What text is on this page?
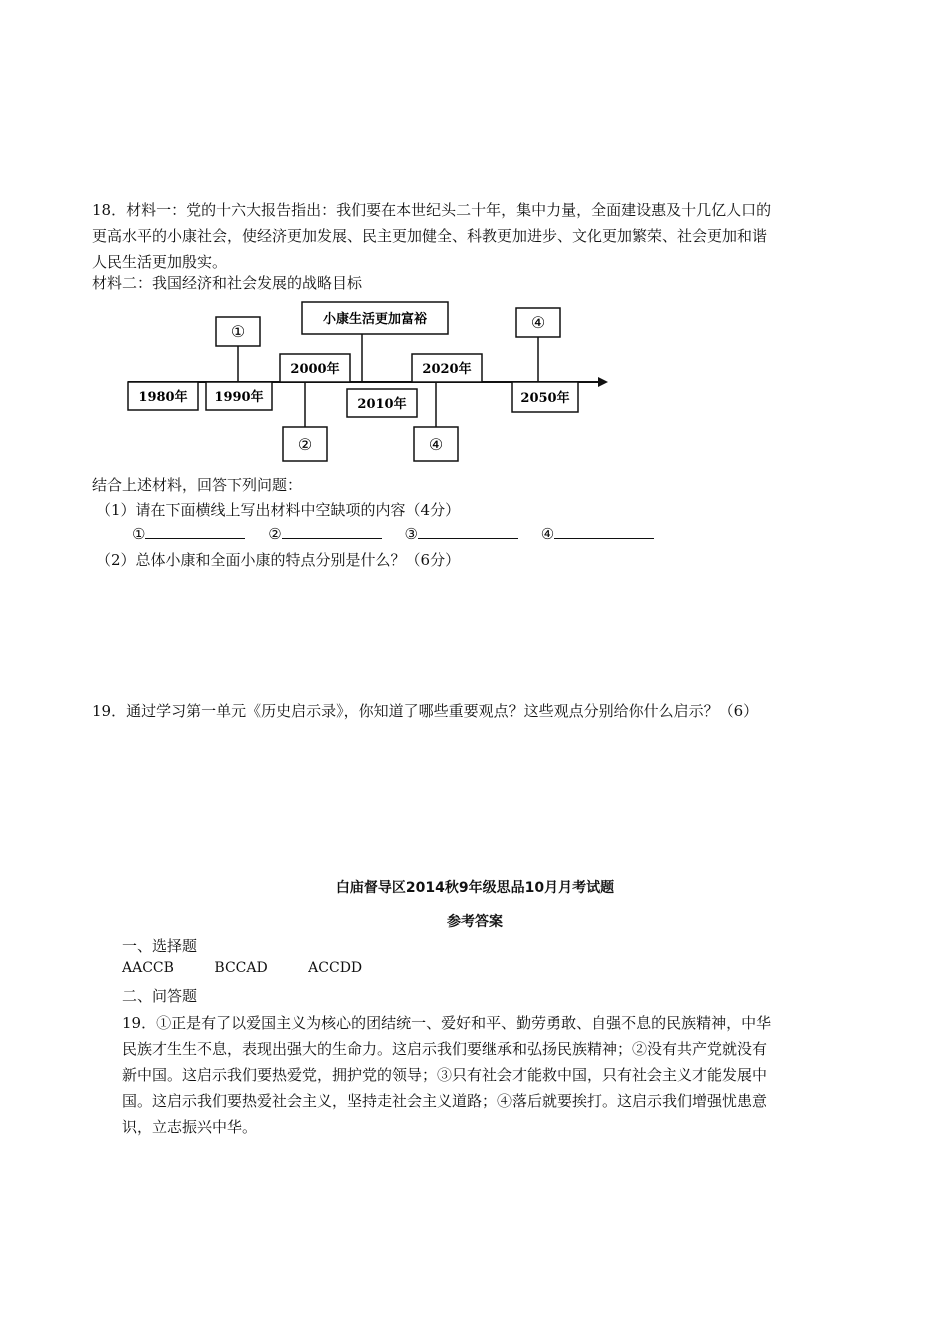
18．材料一：党的十六大报告指出：我们要在本世纪头二十年，集中力量，全面建设惠及十几亿人口的
更高水平的小康社会，使经济更加发展、民主更加健全、科教更加进步、文化更加繁荣、社会更加和谐
人民生活更加殷实。
材料二：我国经济和社会发展的战略目标
①
小康生活更加富裕	④
1980年 1990年
2000年
2010年
2020年
2050年
②	④
结合上述材料，回答下列问题：
（1）请在下面横线上写出材料中空缺项的内容（4分）
①	②	③	④
（2）总体小康和全面小康的特点分别是什么？（6分）
19．通过学习第一单元《历史启示录》，你知道了哪些重要观点？这些观点分别给你什么启示？（6）
白庙督导区2014秋9年级思品10月月考试题
参考答案
一、选择题
AACCB	BCCAD	ACCDD
二、问答题
19．①正是有了以爱国主义为核心的团结统一、爱好和平、勤劳勇敢、自强不息的民族精神，中华
民族才生生不息，表现出强大的生命力。这启示我们要继承和弘扬民族精神；②没有共产党就没有
新中国。这启示我们要热爱党，拥护党的领导；③只有社会才能救中国，只有社会主义才能发展中
国。这启示我们要热爱社会主义，坚持走社会主义道路；④落后就要挨打。这启示我们增强忧患意
识，立志振兴中华。
